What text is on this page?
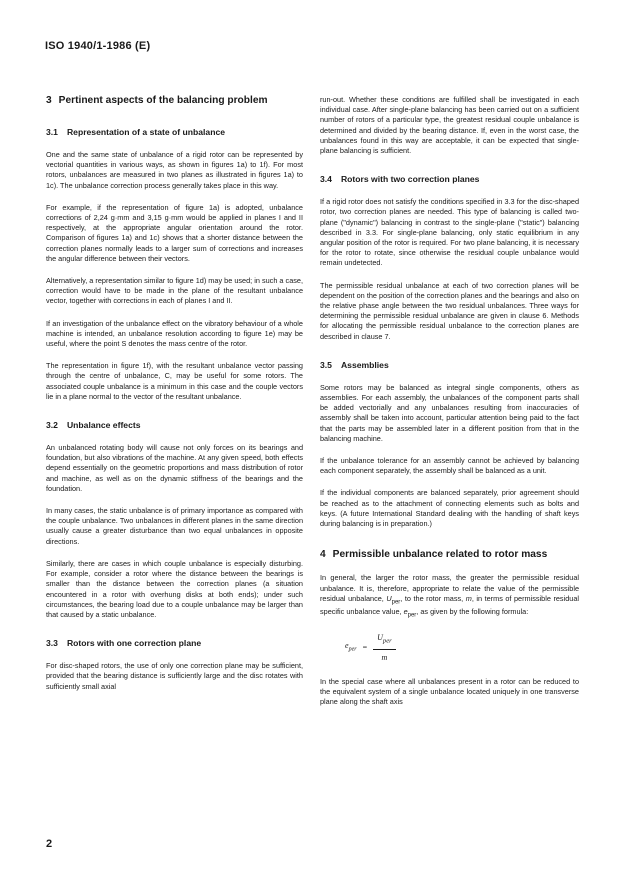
ISO 1940/1-1986 (E)
3 Pertinent aspects of the balancing problem
3.1 Representation of a state of unbalance

One and the same state of unbalance of a rigid rotor can be represented by vectorial quantities in various ways, as shown in figures 1a) to 1f). For most rotors, unbalances are measured in two planes as illustrated in figures 1a) to 1c). The unbalance correction process generally takes place in this way.

For example, if the representation of figure 1a) is adopted, unbalance corrections of 2,24 g·mm and 3,15 g·mm would be applied in planes I and II respectively, at the appropriate angular orientation around the rotor. Comparison of figures 1a) and 1c) shows that a shorter distance between the correction planes normally leads to a larger sum of corrections and increases the angular difference between their vectors.

Alternatively, a representation similar to figure 1d) may be used; in such a case, correction would have to be made in the plane of the resultant unbalance vector, together with corrections in each of planes I and II.

If an investigation of the unbalance effect on the vibratory behaviour of a whole machine is intended, an unbalance resolution according to figure 1e) may be useful, where the point S denotes the mass centre of the rotor.

The representation in figure 1f), with the resultant unbalance vector passing through the centre of unbalance, C, may be useful for some rotors. The associated couple unbalance is a minimum in this case and the couple vectors lie in a plane normal to the vector of the resultant unbalance.

3.2 Unbalance effects

An unbalanced rotating body will cause not only forces on its bearings and foundation, but also vibrations of the machine. At any given speed, both effects depend essentially on the geometric proportions and mass distribution of rotor and machine, as well as on the dynamic stiffness of the bearings and the foundation.

In many cases, the static unbalance is of primary importance as compared with the couple unbalance. Two unbalances in different planes in the same direction usually cause a greater disturbance than two equal unbalances in opposite directions.

Similarly, there are cases in which couple unbalance is especially disturbing. For example, consider a rotor where the distance between the bearings is smaller than the distance between the correction planes (a situation encountered in a rotor with overhung disks at both ends); under such circumstances, the bearing load due to a couple unbalance may be larger than that caused by a static unbalance.

3.3 Rotors with one correction plane

For disc-shaped rotors, the use of only one correction plane may be sufficient, provided that the bearing distance is sufficiently large and the disc rotates with sufficiently small axial

run-out. Whether these conditions are fulfilled shall be investigated in each individual case. After single-plane balancing has been carried out on a sufficient number of rotors of a particular type, the greatest residual couple unbalance is determined and divided by the bearing distance. If, even in the worst case, the unbalances found in this way are acceptable, it can be expected that single-plane balancing is sufficient.

3.4 Rotors with two correction planes

If a rigid rotor does not satisfy the conditions specified in 3.3 for the disc-shaped rotor, two correction planes are needed. This type of balancing is called two-plane ("dynamic") balancing in contrast to the single-plane ("static") balancing described in 3.3. For single-plane balancing, only static equilibrium in any angular position of the rotor is required. For two plane balancing, it is necessary for the rotor to rotate, since otherwise the residual couple unbalance would remain undetected.

The permissible residual unbalance at each of two correction planes will be dependent on the position of the correction planes and the bearings and also on the relative phase angle between the two residual unbalances. Three ways for determining the permissible residual unbalance are given in clause 6. Methods for allocating the permissible residual unbalance to the correction planes are described in clause 7.

3.5 Assemblies

Some rotors may be balanced as integral single components, others as assemblies. For each assembly, the unbalances of the component parts shall be added vectorially and any unbalances resulting from inaccuracies of assembly shall be taken into account, particular attention being paid to the fact that the parts may be assembled later in a different position from that in the balancing machine.

If the unbalance tolerance for an assembly cannot be achieved by balancing each component separately, the assembly shall be balanced as a unit.

If the individual components are balanced separately, prior agreement should be reached as to the attachment of connecting elements such as bolts and keys. (A future International Standard dealing with the handling of shaft keys during balancing is in preparation.)

4 Permissible unbalance related to rotor mass

In general, the larger the rotor mass, the greater the permissible residual unbalance. It is, therefore, appropriate to relate the value of the permissible residual unbalance, $U_{per}$, to the rotor mass, m, in terms of permissible residual specific unbalance value, $e_{per}$, as given by the following formula:

$e_{per} = \frac{U_{per}}{m}$

In the special case where all unbalances present in a rotor can be reduced to the equivalent system of a single unbalance located uniquely in one transverse plane along the shaft axis

2
